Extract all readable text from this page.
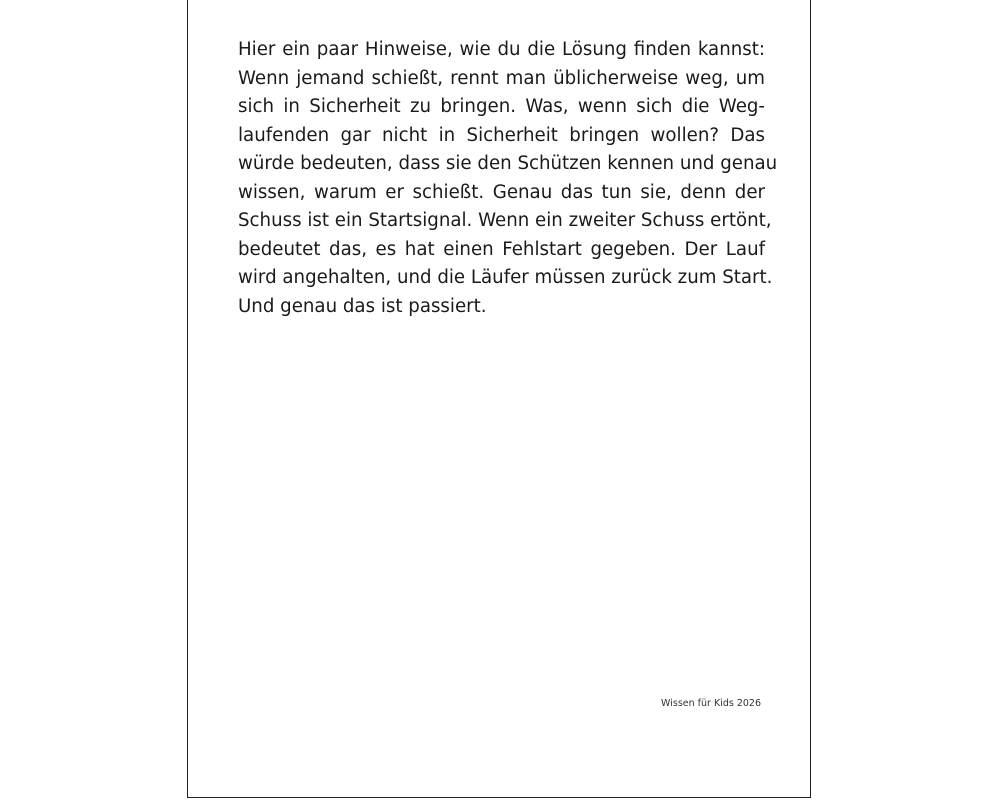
Hier ein paar Hinweise, wie du die Lösung finden kannst:
Wenn jemand schießt, rennt man üblicherweise weg, um
sich in Sicherheit zu bringen. Was, wenn sich die Weg-
laufenden gar nicht in Sicherheit bringen wollen? Das
würde bedeuten, dass sie den Schützen kennen und genau
wissen, warum er schießt. Genau das tun sie, denn der
Schuss ist ein Startsignal. Wenn ein zweiter Schuss ertönt,
bedeutet das, es hat einen Fehlstart gegeben. Der Lauf
wird angehalten, und die Läufer müssen zurück zum Start.
Und genau das ist passiert.

Wissen für Kids 2026
